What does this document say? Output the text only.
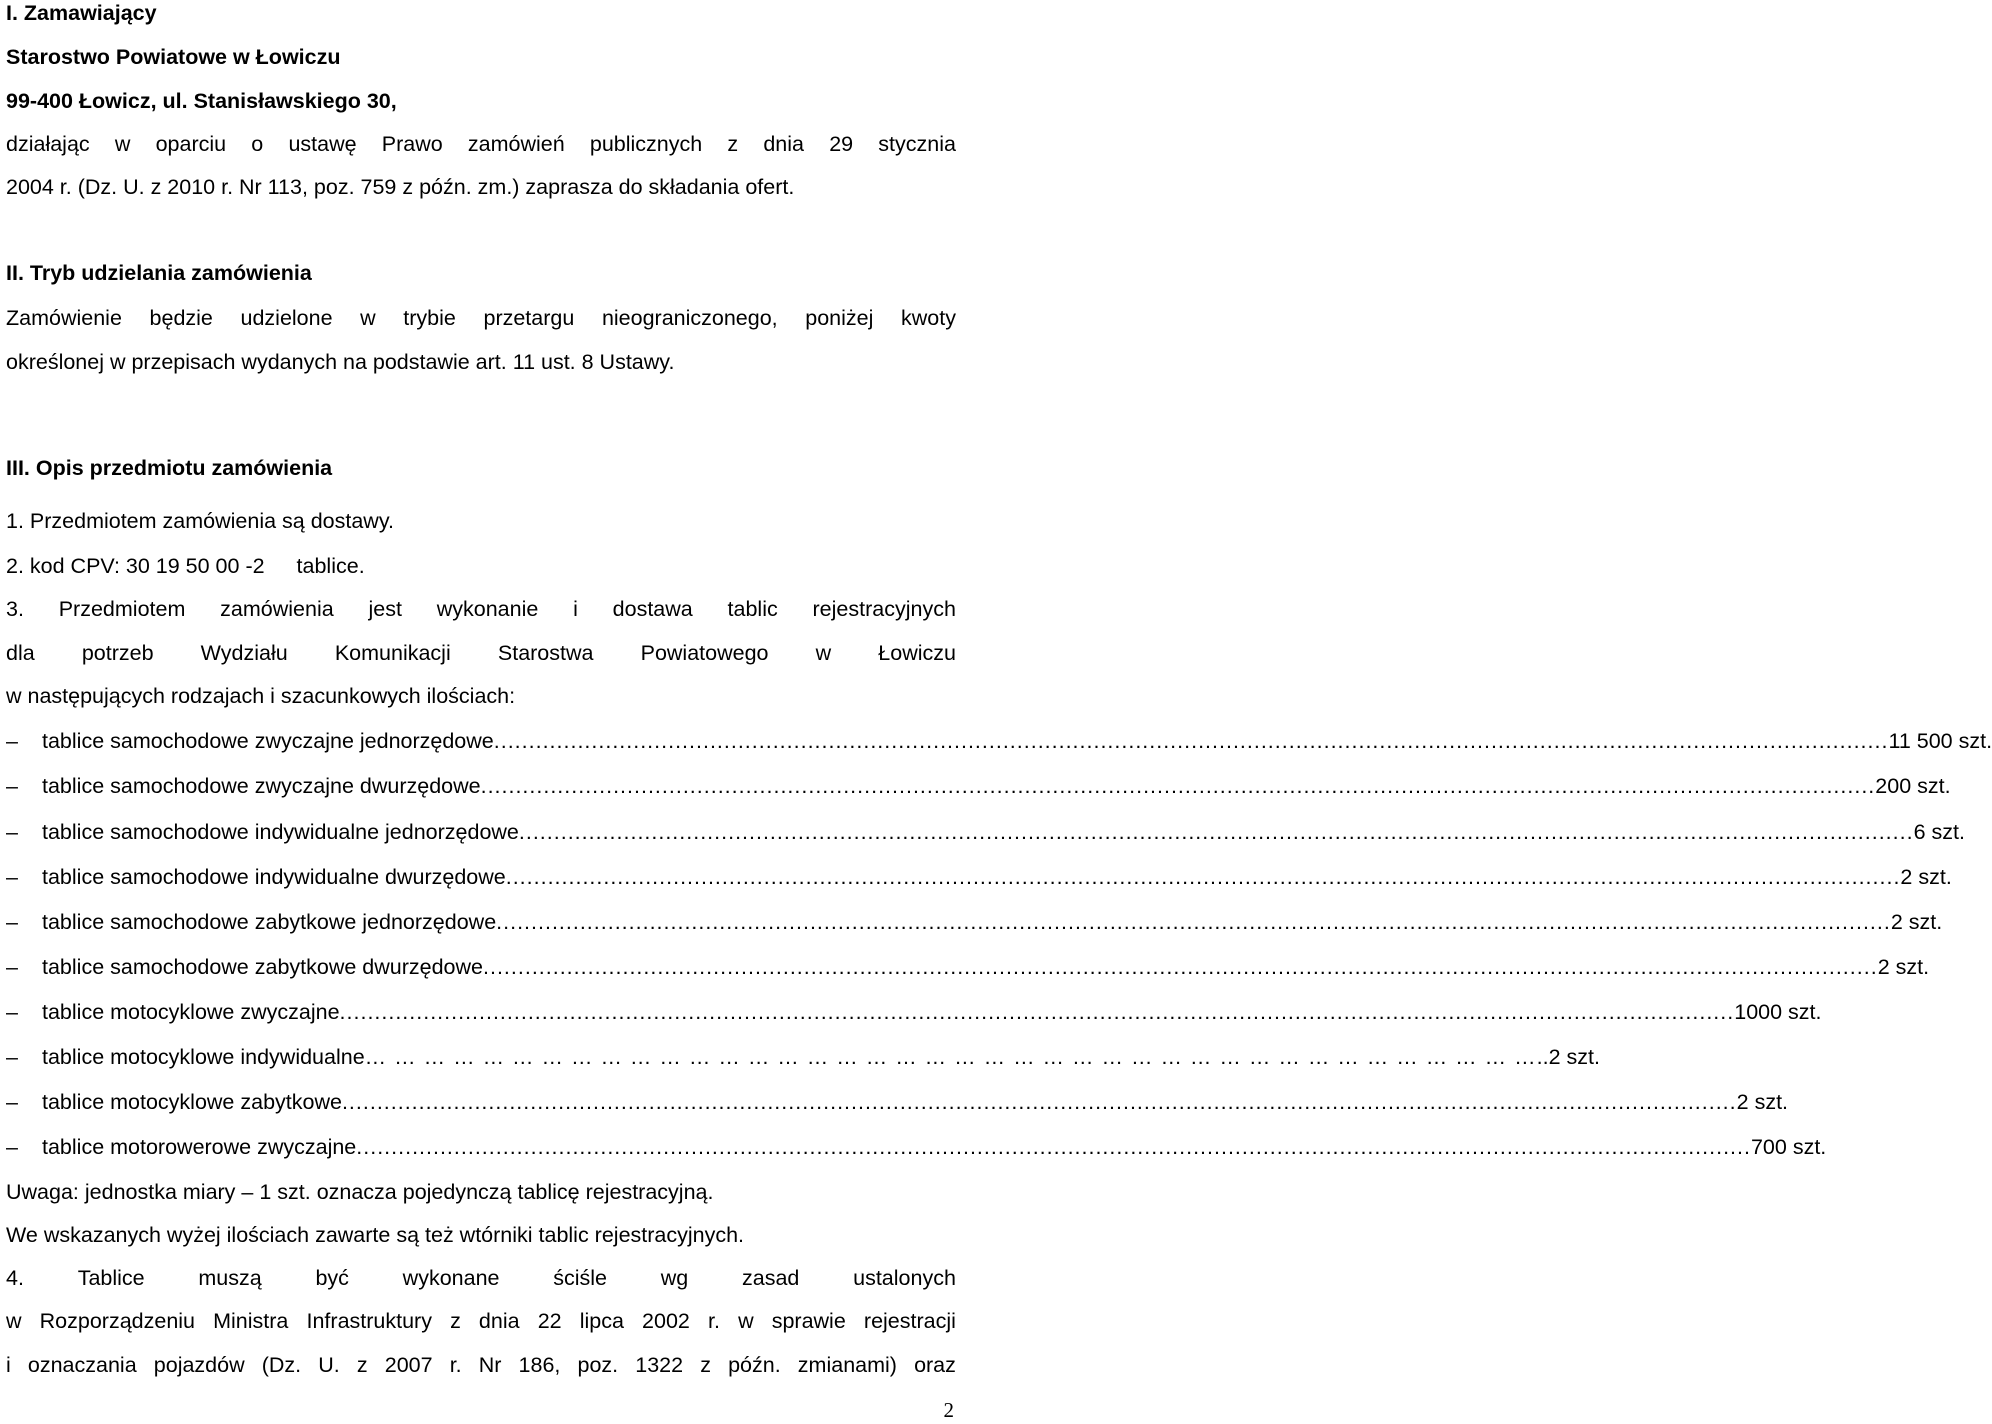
I. Zamawiający
Starostwo Powiatowe w Łowiczu
99-400 Łowicz, ul. Stanisławskiego 30,
działając w oparciu o ustawę Prawo zamówień publicznych z dnia 29 stycznia
2004 r. (Dz. U. z 2010 r. Nr 113, poz. 759 z późn. zm.) zaprasza do składania ofert.
II. Tryb udzielania zamówienia
Zamówienie będzie udzielone w trybie przetargu nieograniczonego, poniżej kwoty
określonej w przepisach wydanych na podstawie art. 11 ust. 8 Ustawy.
III. Opis przedmiotu zamówienia
1. Przedmiotem zamówienia są dostawy.
2. kod CPV: 30 19 50 00 -2 tablice.
3. Przedmiotem zamówienia jest wykonanie i dostawa tablic rejestracyjnych
dla potrzeb Wydziału Komunikacji Starostwa Powiatowego w Łowiczu
w następujących rodzajach i szacunkowych ilościach:
–	tablice samochodowe zwyczajne jednorzędowe ........................................................................................................................................................................................................ 11 500 szt.
–	tablice samochodowe zwyczajne dwurzędowe ........................................................................................................................................................................................................ 200 szt.
–	tablice samochodowe indywidualne jednorzędowe ........................................................................................................................................................................................................ 6 szt.
–	tablice samochodowe indywidualne dwurzędowe ........................................................................................................................................................................................................ 2 szt.
–	tablice samochodowe zabytkowe jednorzędowe ........................................................................................................................................................................................................ 2 szt.
–	tablice samochodowe zabytkowe dwurzędowe ........................................................................................................................................................................................................ 2 szt.
–	tablice motocyklowe zwyczajne ........................................................................................................................................................................................................ 1000 szt.
–	tablice motocyklowe indywidualne … … … … … … … … … … … … … … … … … … … … … … … … … … … … … … … … … … … … … … … … ..2 szt.
–	tablice motocyklowe zabytkowe ........................................................................................................................................................................................................ 2 szt.
–	tablice motorowerowe zwyczajne ........................................................................................................................................................................................................ 700 szt.
Uwaga: jednostka miary – 1 szt. oznacza pojedynczą tablicę rejestracyjną.
We wskazanych wyżej ilościach zawarte są też wtórniki tablic rejestracyjnych.
4.	Tablice	muszą	być	wykonane	ściśle	wg	zasad	ustalonych
w Rozporządzeniu Ministra Infrastruktury z dnia 22 lipca 2002 r. w sprawie rejestracji
i oznaczania pojazdów (Dz. U. z 2007 r. Nr 186, poz. 1322 z późn. zmianami) oraz
2
